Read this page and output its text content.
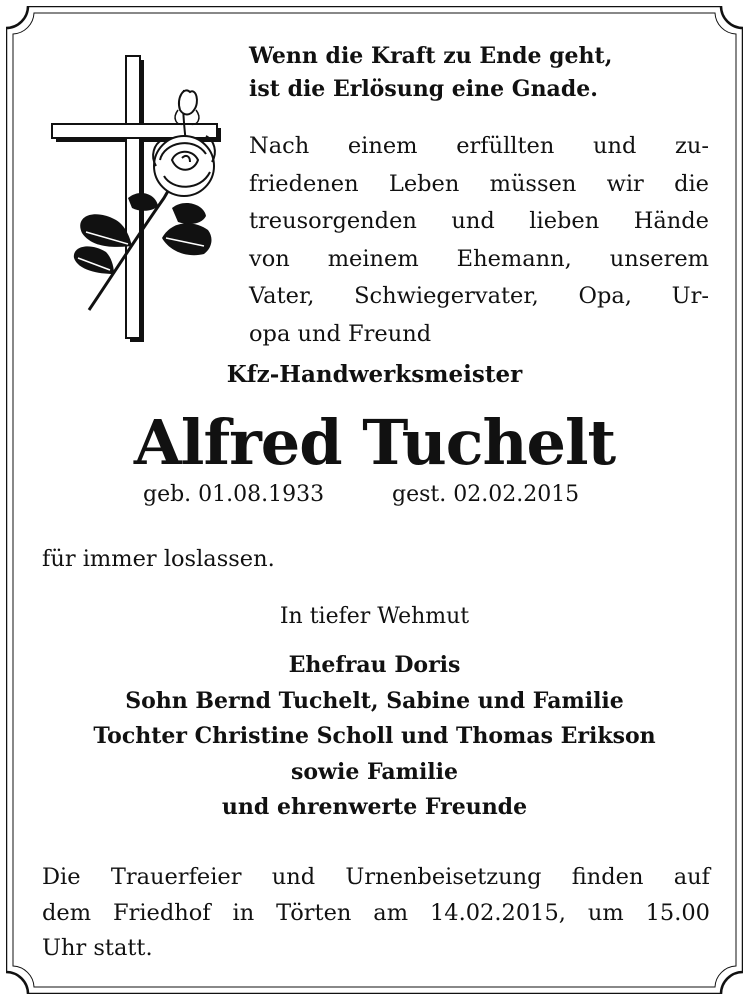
Wenn die Kraft zu Ende geht,
ist die Erlösung eine Gnade.
Nach einem erfüllten und zu-
friedenen Leben müssen wir die
treusorgenden und lieben Hände
von meinem Ehemann, unserem
Vater, Schwiegervater, Opa, Ur-
opa und Freund
Kfz-Handwerksmeister
Alfred Tuchelt
geb. 01.08.1933	gest. 02.02.2015
für immer loslassen.
In tiefer Wehmut
Ehefrau Doris
Sohn Bernd Tuchelt, Sabine und Familie
Tochter Christine Scholl und Thomas Erikson
sowie Familie
und ehrenwerte Freunde
Die Trauerfeier und Urnenbeisetzung finden auf
dem Friedhof in Törten am 14.02.2015, um 15.00
Uhr statt.
